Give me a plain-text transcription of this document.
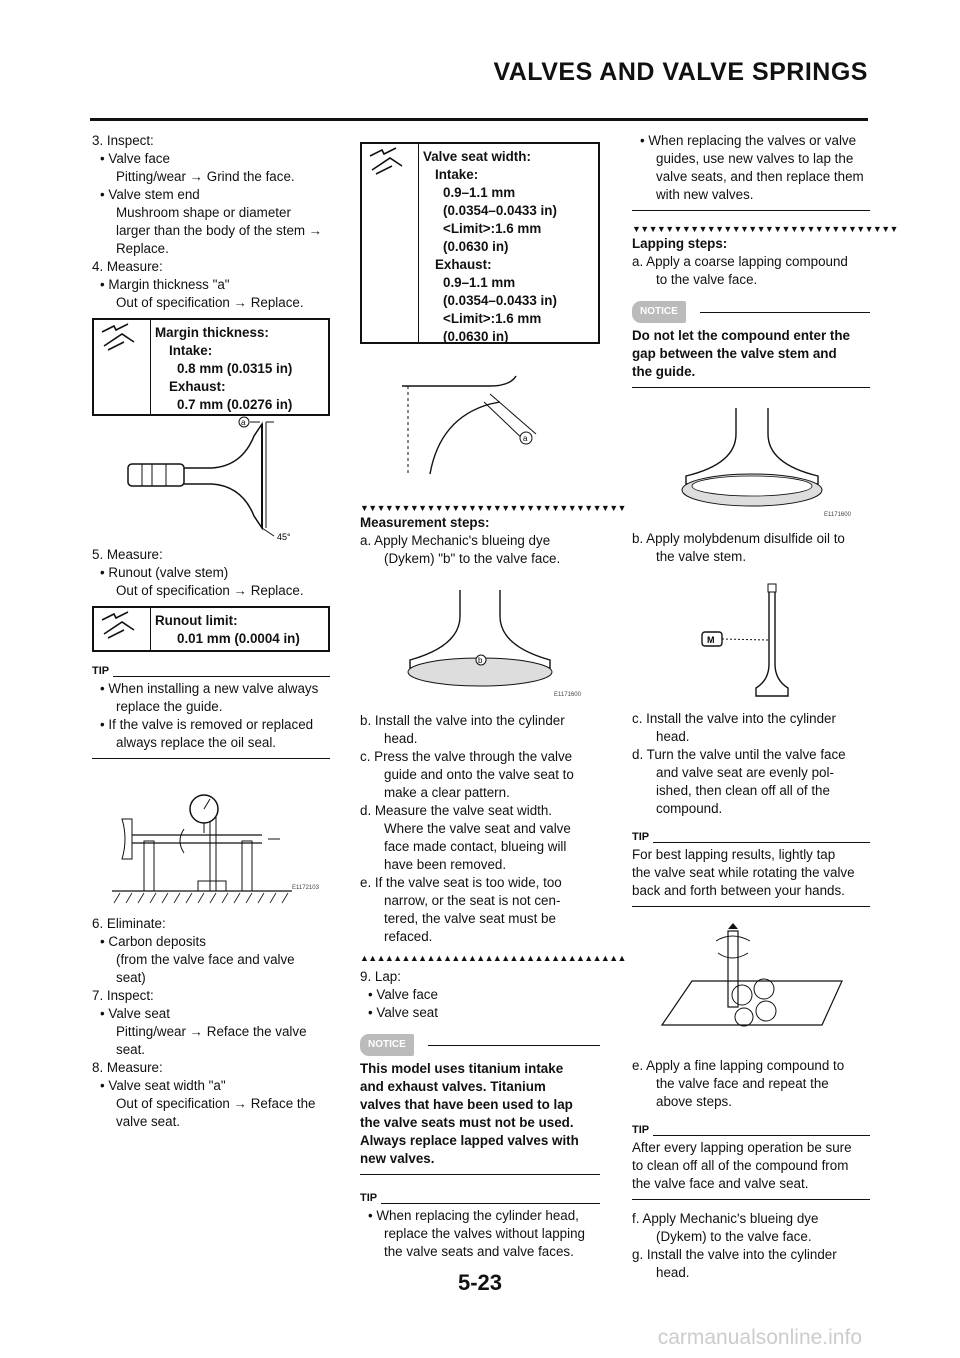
VALVES AND VALVE SPRINGS
3. Inspect:
• Valve face
Pitting/wear → Grind the face.
• Valve stem end
Mushroom shape or diameter
larger than the body of the stem →
Replace.
4. Measure:
• Margin thickness "a"
Out of specification → Replace.
Margin thickness:
Intake:
0.8 mm (0.0315 in)
Exhaust:
0.7 mm (0.0276 in)
a
45°
5. Measure:
• Runout (valve stem)
Out of specification → Replace.
Runout limit:
0.01 mm (0.0004 in)
TIP
• When installing a new valve always
replace the guide.
• If the valve is removed or replaced
always replace the oil seal.
E1172103
6. Eliminate:
• Carbon deposits
(from the valve face and valve
seat)
7. Inspect:
• Valve seat
Pitting/wear → Reface the valve
seat.
8. Measure:
• Valve seat width "a"
Out of specification → Reface the
valve seat.
Valve seat width:
Intake:
0.9–1.1 mm
(0.0354–0.0433 in)
<Limit>:1.6 mm
(0.0630 in)
Exhaust:
0.9–1.1 mm
(0.0354–0.0433 in)
<Limit>:1.6 mm
(0.0630 in)
a
▼▼▼▼▼▼▼▼▼▼▼▼▼▼▼▼▼▼▼▼▼▼▼▼▼▼▼▼▼▼▼▼
Measurement steps:
a. Apply Mechanic's blueing dye
(Dykem) "b" to the valve face.
b
E1171600
b. Install the valve into the cylinder
head.
c. Press the valve through the valve
guide and onto the valve seat to
make a clear pattern.
d. Measure the valve seat width.
Where the valve seat and valve
face made contact, blueing will
have been removed.
e. If the valve seat is too wide, too
narrow, or the seat is not cen-
tered, the valve seat must be
refaced.
▲▲▲▲▲▲▲▲▲▲▲▲▲▲▲▲▲▲▲▲▲▲▲▲▲▲▲▲▲▲▲▲
9. Lap:
• Valve face
• Valve seat
NOTICE
This model uses titanium intake
and exhaust valves. Titanium
valves that have been used to lap
the valve seats must not be used.
Always replace lapped valves with
new valves.
TIP
• When replacing the cylinder head,
replace the valves without lapping
the valve seats and valve faces.
• When replacing the valves or valve
guides, use new valves to lap the
valve seats, and then replace them
with new valves.
▼▼▼▼▼▼▼▼▼▼▼▼▼▼▼▼▼▼▼▼▼▼▼▼▼▼▼▼▼▼▼▼
Lapping steps:
a. Apply a coarse lapping compound
to the valve face.
NOTICE
Do not let the compound enter the
gap between the valve stem and
the guide.
E1171600
b. Apply molybdenum disulfide oil to
the valve stem.
M
c. Install the valve into the cylinder
head.
d. Turn the valve until the valve face
and valve seat are evenly pol-
ished, then clean off all of the
compound.
TIP
For best lapping results, lightly tap
the valve seat while rotating the valve
back and forth between your hands.
e. Apply a fine lapping compound to
the valve face and repeat the
above steps.
TIP
After every lapping operation be sure
to clean off all of the compound from
the valve face and valve seat.
f. Apply Mechanic's blueing dye
(Dykem) to the valve face.
g. Install the valve into the cylinder
head.
5-23
carmanualsonline.info
